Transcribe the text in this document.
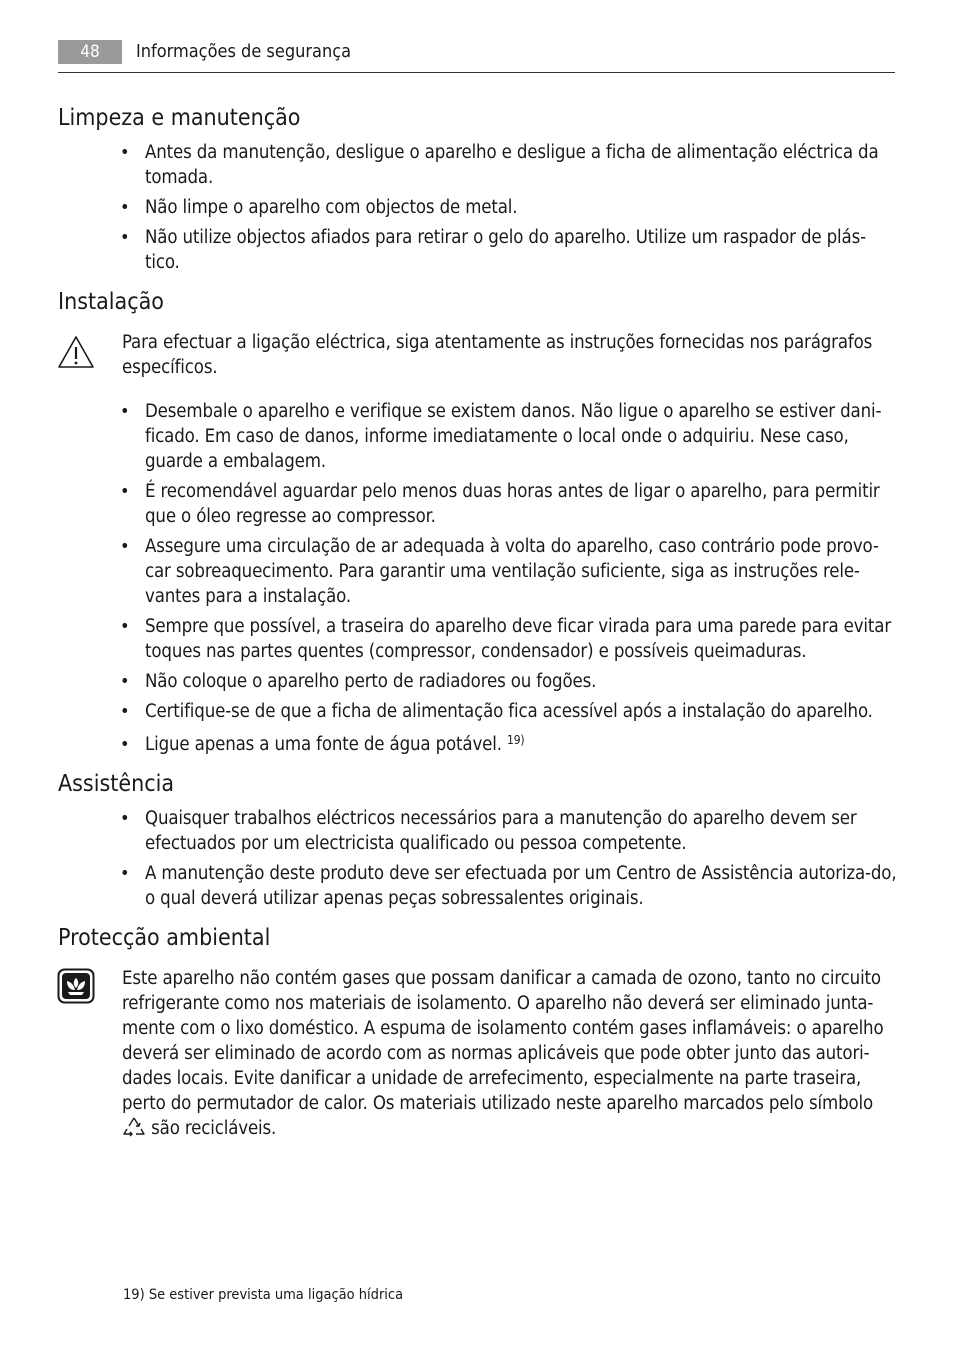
48	Informações de segurança
Limpeza e manutenção
• Antes da manutenção, desligue o aparelho e desligue a ficha de alimentação eléctrica da tomada.
• Não limpe o aparelho com objectos de metal.
• Não utilize objectos afiados para retirar o gelo do aparelho. Utilize um raspador de plás-tico.
Instalação

Para efectuar a ligação eléctrica, siga atentamente as instruções fornecidas nos parágrafos específicos.

• Desembale o aparelho e verifique se existem danos. Não ligue o aparelho se estiver dani-ficado. Em caso de danos, informe imediatamente o local onde o adquiriu. Nese caso, guarde a embalagem.
• É recomendável aguardar pelo menos duas horas antes de ligar o aparelho, para permitir que o óleo regresse ao compressor.
• Assegure uma circulação de ar adequada à volta do aparelho, caso contrário pode provo-car sobreaquecimento. Para garantir uma ventilação suficiente, siga as instruções rele-vantes para a instalação.
• Sempre que possível, a traseira do aparelho deve ficar virada para uma parede para evitar toques nas partes quentes (compressor, condensador) e possíveis queimaduras.
• Não coloque o aparelho perto de radiadores ou fogões.
• Certifique-se de que a ficha de alimentação fica acessível após a instalação do aparelho.
• Ligue apenas a uma fonte de água potável. $^{19)}$
Assistência
• Quaisquer trabalhos eléctricos necessários para a manutenção do aparelho devem ser efectuados por um electricista qualificado ou pessoa competente.
• A manutenção deste produto deve ser efectuada por um Centro de Assistência autoriza-do, o qual deverá utilizar apenas peças sobressalentes originais.
Protecção ambiental

Este aparelho não contém gases que possam danificar a camada de ozono, tanto no circuito refrigerante como nos materiais de isolamento. O aparelho não deverá ser eliminado junta-mente com o lixo doméstico. A espuma de isolamento contém gases inflamáveis: o aparelho deverá ser eliminado de acordo com as normas aplicáveis que pode obter junto das autori-dades locais. Evite danificar a unidade de arrefecimento, especialmente na parte traseira, perto do permutador de calor. Os materiais utilizado neste aparelho marcados pelo símbolo
são recicláveis.

19) Se estiver prevista uma ligação hídrica
